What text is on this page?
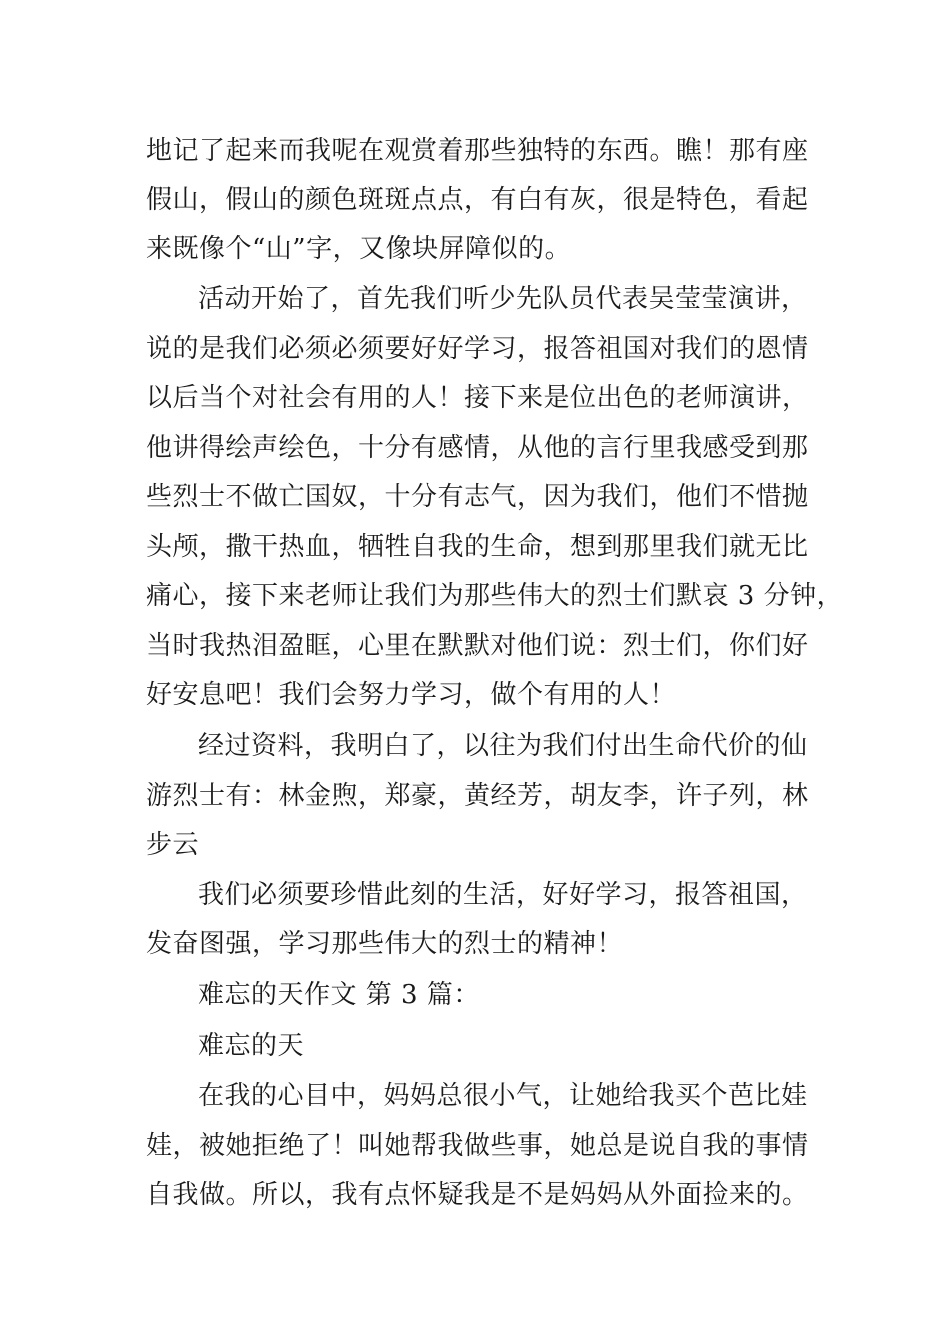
地记了起来而我呢在观赏着那些独特的东西。瞧！那有座
假山，假山的颜色斑斑点点，有白有灰，很是特色，看起
来既像个“山”字，又像块屏障似的。
活动开始了，首先我们听少先队员代表吴莹莹演讲，
说的是我们必须必须要好好学习，报答祖国对我们的恩情
以后当个对社会有用的人！接下来是位出色的老师演讲，
他讲得绘声绘色，十分有感情，从他的言行里我感受到那
些烈士不做亡国奴，十分有志气，因为我们，他们不惜抛
头颅，撒干热血，牺牲自我的生命，想到那里我们就无比
痛心，接下来老师让我们为那些伟大的烈士们默哀 3 分钟，
当时我热泪盈眶，心里在默默对他们说：烈士们，你们好
好安息吧！我们会努力学习，做个有用的人！
经过资料，我明白了，以往为我们付出生命代价的仙
游烈士有：林金煦，郑豪，黄经芳，胡友李，许子列，林
步云
我们必须要珍惜此刻的生活，好好学习，报答祖国，
发奋图强，学习那些伟大的烈士的精神！
难忘的天作文 第 3 篇：
难忘的天
在我的心目中，妈妈总很小气，让她给我买个芭比娃
娃，被她拒绝了！叫她帮我做些事，她总是说自我的事情
自我做。所以，我有点怀疑我是不是妈妈从外面捡来的。
